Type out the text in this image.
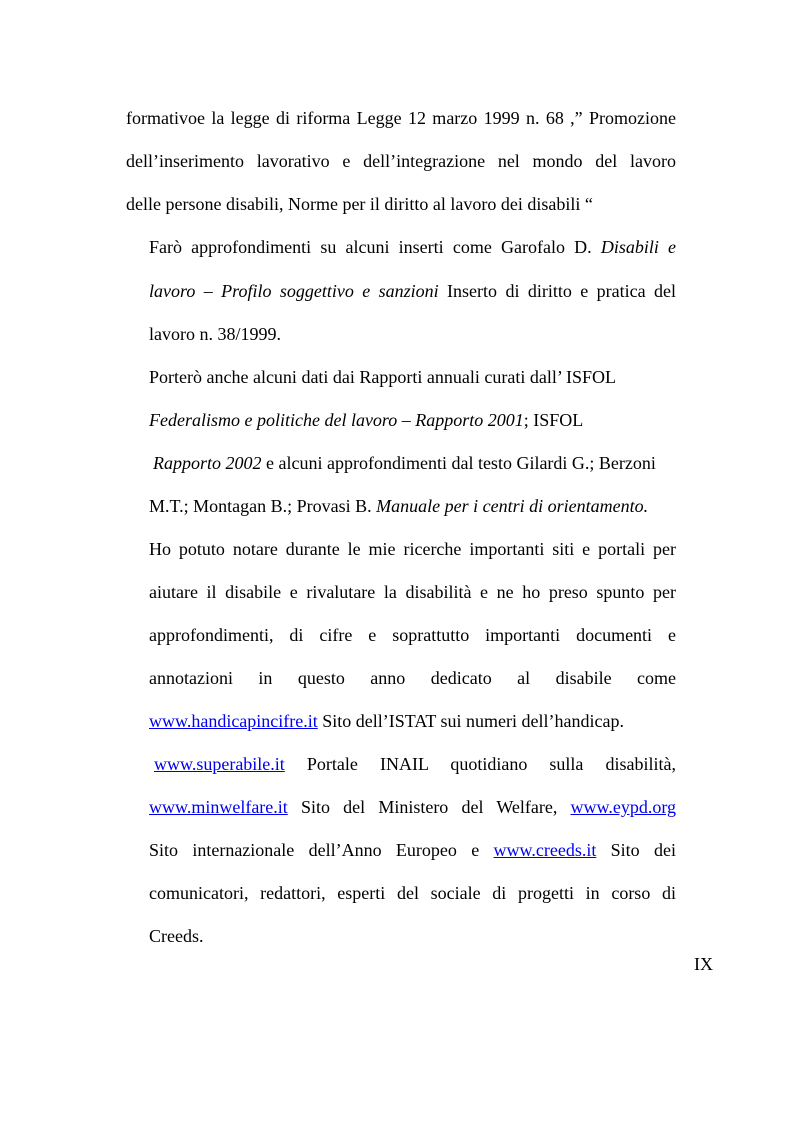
formativoe la legge di riforma Legge 12 marzo 1999 n. 68 ,” Promozione
dell’inserimento lavorativo e dell’integrazione nel mondo del lavoro
delle persone disabili, Norme per il diritto al lavoro dei disabili “
Farò approfondimenti su alcuni inserti come Garofalo D. Disabili e
lavoro – Profilo soggettivo e sanzioni Inserto di diritto e pratica del
lavoro n. 38/1999.
Porterò anche alcuni dati dai Rapporti annuali curati dall’ ISFOL
Federalismo e politiche del lavoro – Rapporto 2001; ISFOL
Rapporto 2002 e alcuni approfondimenti dal testo Gilardi G.; Berzoni
M.T.; Montagan B.; Provasi B. Manuale per i centri di orientamento.
Ho potuto notare durante le mie ricerche importanti siti e portali per
aiutare il disabile e rivalutare la disabilità e ne ho preso spunto per
approfondimenti, di cifre e soprattutto importanti documenti e
annotazioni in questo anno dedicato al disabile come
www.handicapincifre.it Sito dell’ISTAT sui numeri dell’handicap.
www.superabile.it Portale INAIL quotidiano sulla disabilità,
www.minwelfare.it Sito del Ministero del Welfare, www.eypd.org
Sito internazionale dell’Anno Europeo e www.creeds.it Sito dei
comunicatori, redattori, esperti del sociale di progetti in corso di
Creeds.
IX
